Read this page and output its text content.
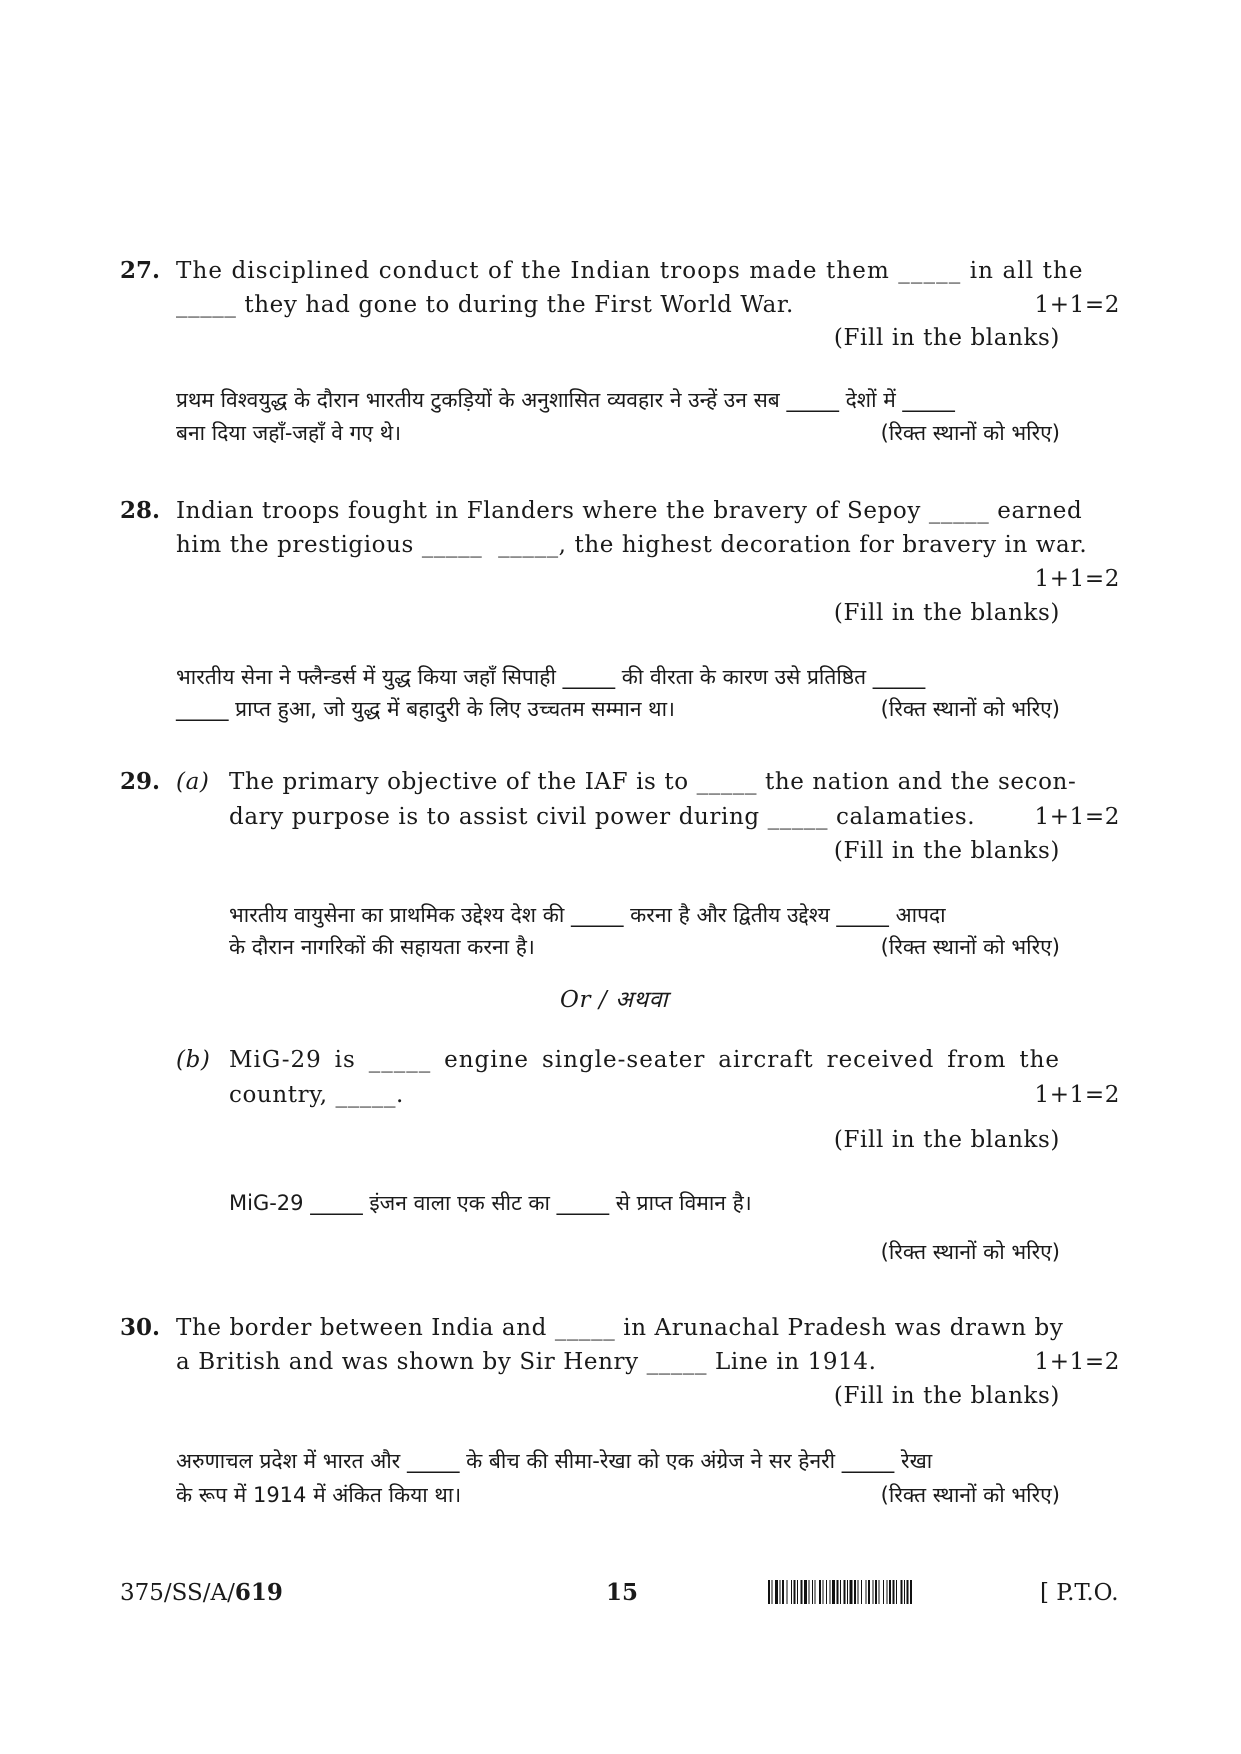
27. The disciplined conduct of the Indian troops made them _____ in all the
_____ they had gone to during the First World War.	1+1=2
(Fill in the blanks)
प्रथम विश्वयुद्ध के दौरान भारतीय टुकड़ियों के अनुशासित व्यवहार ने उन्हें उन सब _____ देशों में _____
बना दिया जहाँ-जहाँ वे गए थे।	(रिक्त स्थानों को भरिए)
28. Indian troops fought in Flanders where the bravery of Sepoy _____ earned
him the prestigious _____  _____, the highest decoration for bravery in war.
1+1=2
(Fill in the blanks)
भारतीय सेना ने फ्लैन्डर्स में युद्ध किया जहाँ सिपाही _____ की वीरता के कारण उसे प्रतिष्ठित _____
_____ प्राप्त हुआ, जो युद्ध में बहादुरी के लिए उच्चतम सम्मान था।	(रिक्त स्थानों को भरिए)
29. (a) The primary objective of the IAF is to _____ the nation and the secon-
dary purpose is to assist civil power during _____ calamaties.	1+1=2
(Fill in the blanks)
भारतीय वायुसेना का प्राथमिक उद्देश्य देश की _____ करना है और द्वितीय उद्देश्य _____ आपदा
के दौरान नागरिकों की सहायता करना है।	(रिक्त स्थानों को भरिए)
Or / अथवा
(b) MiG-29 is _____ engine single-seater aircraft received from the
country, _____.	1+1=2
(Fill in the blanks)
MiG-29 _____ इंजन वाला एक सीट का _____ से प्राप्त विमान है।
(रिक्त स्थानों को भरिए)
30. The border between India and _____ in Arunachal Pradesh was drawn by
a British and was shown by Sir Henry _____ Line in 1914.	1+1=2
(Fill in the blanks)
अरुणाचल प्रदेश में भारत और _____ के बीच की सीमा-रेखा को एक अंग्रेज ने सर हेनरी _____ रेखा
के रूप में 1914 में अंकित किया था।	(रिक्त स्थानों को भरिए)
375/SS/A/619	15	[ P.T.O.
